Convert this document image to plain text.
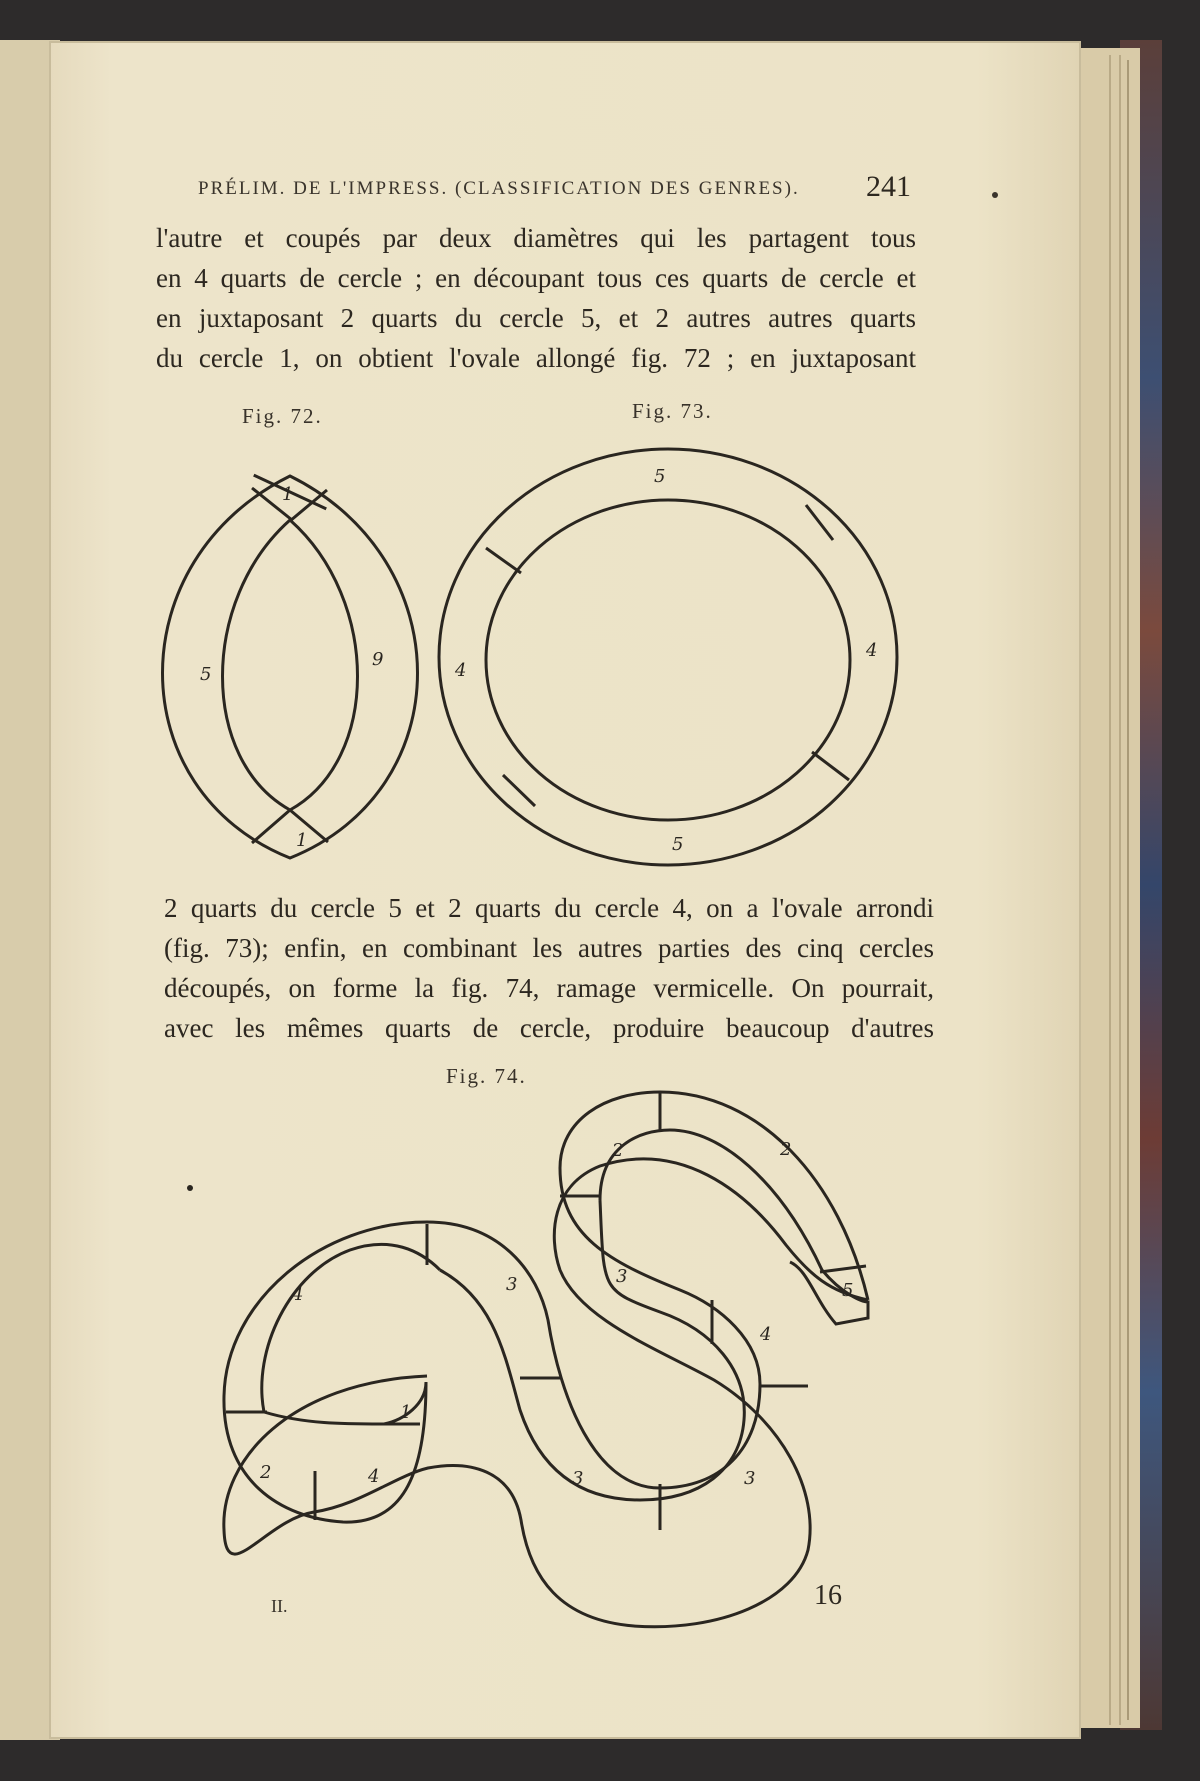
1
5
9
1
5
4
4
5
4
1
2	4
3
3
2
3
4
3
2
5
PRÉLIM. DE L'IMPRESS. (CLASSIFICATION DES GENRES). 241
l'autre et coupés par deux diamètres qui les partagent tous
en 4 quarts de cercle ; en découpant tous ces quarts de cercle et
en juxtaposant 2 quarts du cercle 5, et 2 autres autres quarts
du cercle 1, on obtient l'ovale allongé fig. 72 ; en juxtaposant
Fig. 72.	Fig. 73.
2 quarts du cercle 5 et 2 quarts du cercle 4, on a l'ovale arrondi
(fig. 73); enfin, en combinant les autres parties des cinq cercles
découpés, on forme la fig. 74, ramage vermicelle. On pourrait,
avec les mêmes quarts de cercle, produire beaucoup d'autres
Fig. 74.
II.	16
